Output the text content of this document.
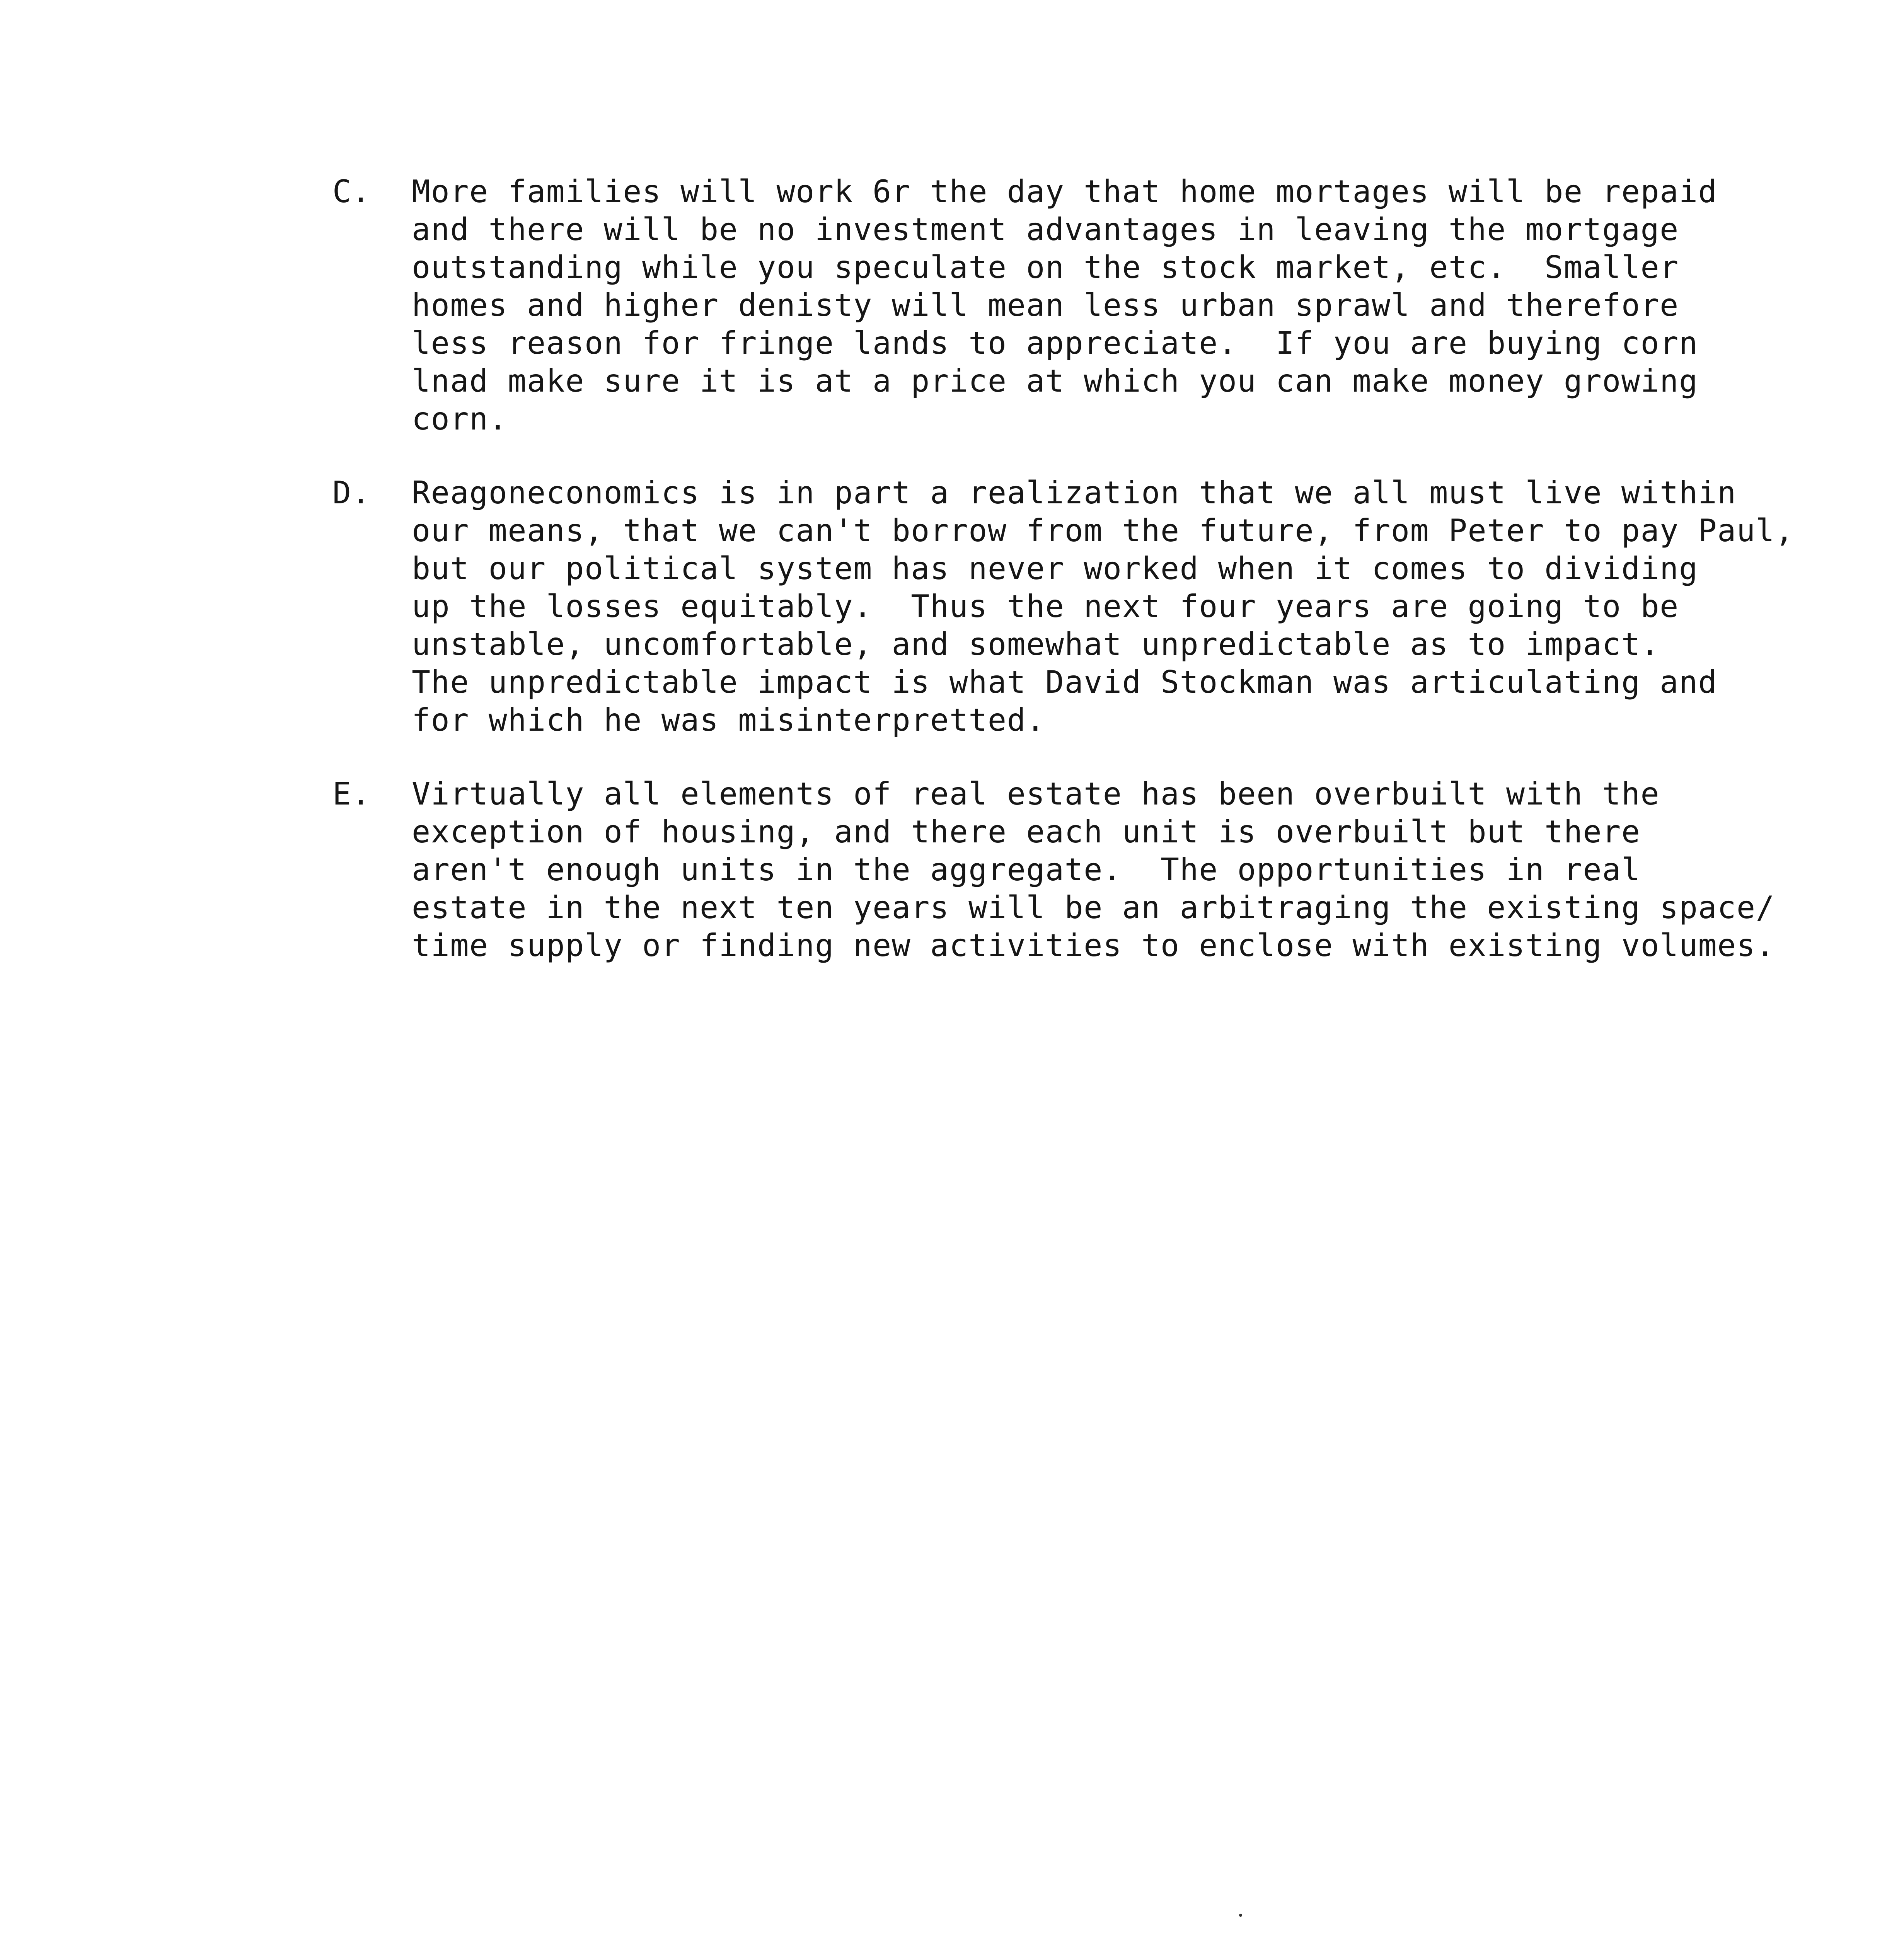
C. More families will work 6r the day that home mortages will be repaid
and there will be no investment advantages in leaving the mortgage
outstanding while you speculate on the stock market, etc.  Smaller
homes and higher denisty will mean less urban sprawl and therefore
less reason for fringe lands to appreciate.  If you are buying corn
lnad make sure it is at a price at which you can make money growing
corn.
D. Reagoneconomics is in part a realization that we all must live within
our means, that we can't borrow from the future, from Peter to pay Paul,
but our political system has never worked when it comes to dividing
up the losses equitably.  Thus the next four years are going to be
unstable, uncomfortable, and somewhat unpredictable as to impact.
The unpredictable impact is what David Stockman was articulating and
for which he was misinterpretted.
E. Virtually all elements of real estate has been overbuilt with the
exception of housing, and there each unit is overbuilt but there
aren't enough units in the aggregate.  The opportunities in real
estate in the next ten years will be an arbitraging the existing space/
time supply or finding new activities to enclose with existing volumes.
